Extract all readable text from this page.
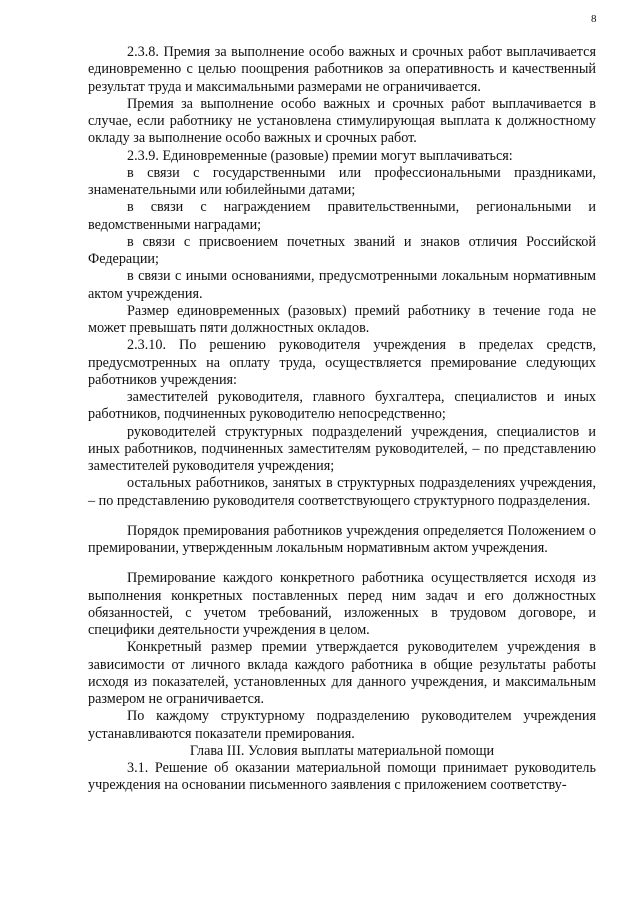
8

2.3.8. Премия за выполнение особо важных и срочных работ выплачивается единовременно с целью поощрения работников за оперативность и качественный результат труда и максимальными размерами не ограничивается.

Премия за выполнение особо важных и срочных работ выплачивается в случае, если работнику не установлена стимулирующая выплата к должностному окладу за выполнение особо важных и срочных работ.

2.3.9. Единовременные (разовые) премии могут выплачиваться:

в связи с государственными или профессиональными праздниками, знаменательными или юбилейными датами;

в связи с награждением правительственными, региональными и ведомственными наградами;

в связи с присвоением почетных званий и знаков отличия Российской Федерации;

в связи с иными основаниями, предусмотренными локальным нормативным актом учреждения.

Размер единовременных (разовых) премий работнику в течение года не может превышать пяти должностных окладов.

2.3.10. По решению руководителя учреждения в пределах средств, предусмотренных на оплату труда, осуществляется премирование следующих работников учреждения:

заместителей руководителя, главного бухгалтера, специалистов и иных работников, подчиненных руководителю непосредственно;

руководителей структурных подразделений учреждения, специалистов и иных работников, подчиненных заместителям руководителей, – по представлению заместителей руководителя учреждения;

остальных работников, занятых в структурных подразделениях учреждения, – по представлению руководителя соответствующего структурного подразделения.

Порядок премирования работников учреждения определяется Положением о премировании, утвержденным локальным нормативным актом учреждения.

Премирование каждого конкретного работника осуществляется исходя из выполнения конкретных поставленных перед ним задач и его должностных обязанностей, с учетом требований, изложенных в трудовом договоре, и специфики деятельности учреждения в целом.

Конкретный размер премии утверждается руководителем учреждения в зависимости от личного вклада каждого работника в общие результаты работы исходя из показателей, установленных для данного учреждения, и максимальным размером не ограничивается.

По каждому структурному подразделению руководителем учреждения устанавливаются показатели премирования.

Глава III. Условия выплаты материальной помощи

3.1. Решение об оказании материальной помощи принимает руководитель учреждения на основании письменного заявления с приложением соответству-
